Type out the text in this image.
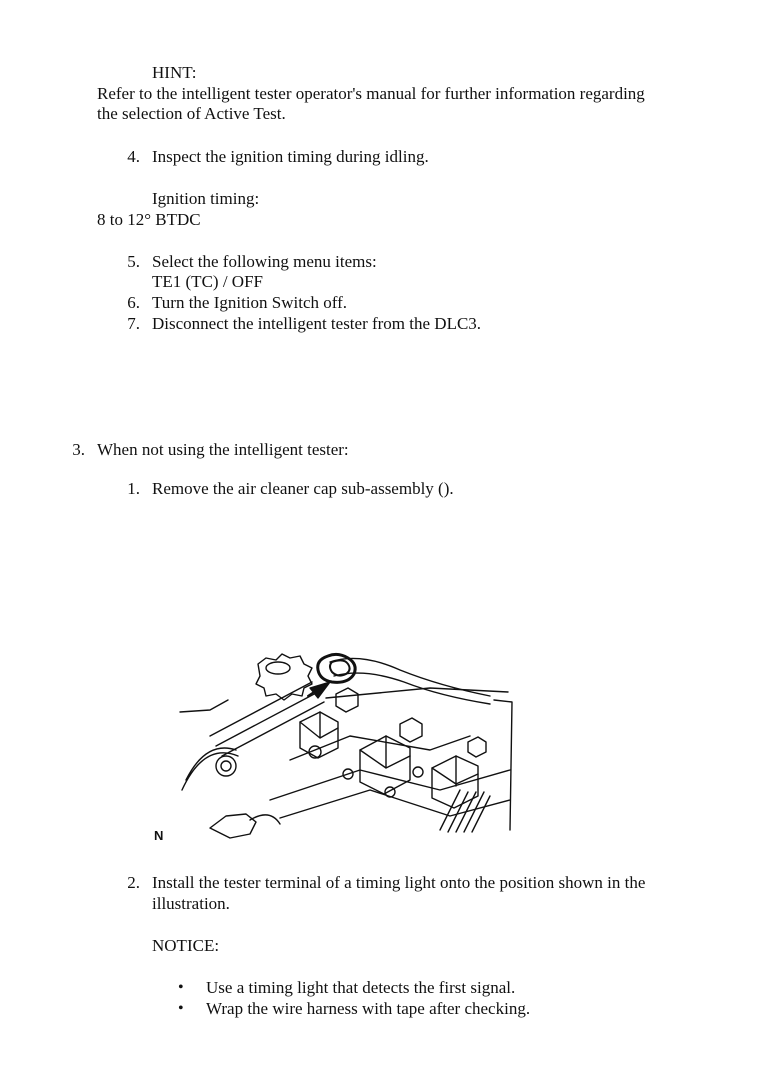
HINT:
Refer to the intelligent tester operator's manual for further information regarding
the selection of Active Test.
4. Inspect the ignition timing during idling.
Ignition timing:
8 to 12° BTDC
5. Select the following menu items:
TE1 (TC) / OFF
6. Turn the Ignition Switch off.
7. Disconnect the intelligent tester from the DLC3.
3. When not using the intelligent tester:
1. Remove the air cleaner cap sub-assembly ().
N
2. Install the tester terminal of a timing light onto the position shown in the
illustration.
NOTICE:
• Use a timing light that detects the first signal.
• Wrap the wire harness with tape after checking.
